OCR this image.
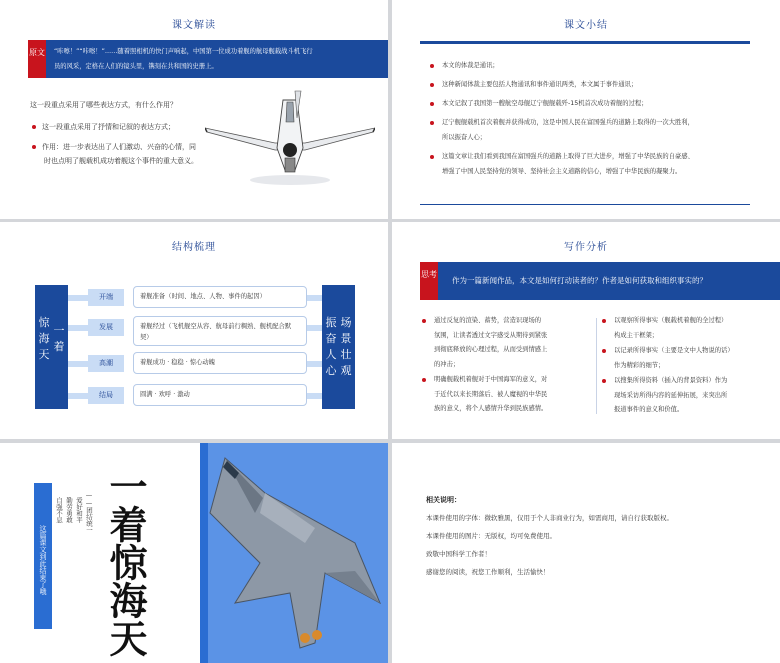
课文解读
原文 “咔嚓！”“咔嚓！”……随着照相机的快门声响起，中国第一位成功着舰的航母舰载战斗机飞行
员的风采，定格在人们的镜头里，镌刻在共和国的史册上。
这一段重点采用了哪些表达方式，有什么作用？
这一段重点采用了抒情和记叙的表达方式；
作用：进一步表达出了人们激动、兴奋的心情，同
时也点明了舰载机成功着舰这个事件的重大意义。
课文小结
本文的体裁是通讯；
这种新闻体裁主要包括人物通讯和事件通讯两类，本文属于事件通讯；
本文记叙了我国第一艘航空母舰辽宁舰舰载歼-15机首次成功着舰的过程；
辽宁舰舰载机首次着舰并获得成功，这是中国人民在富国强兵的道路上取得的一次大胜利，
所以振奋人心；
这篇文章让我们看到我国在富国强兵的道路上取得了巨大进步，增强了中华民族的自豪感、
增强了中国人民坚持党的领导、坚持社会主义道路的信心，增强了中华民族的凝聚力。
结构梳理
惊海天
一着
振奋人心
场景壮观
开端	着舰准备（时间、地点、人物、事件的起因）
发展	着舰经过（飞机舰空从容、航母前行稠熟、舰机配合默契）
高潮	着舰成功 · 稳稳 · 惊心动魄
结局	圆满 · 欢呼 · 激动
写作分析
思考
作为一篇新闻作品，本文是如何打动读者的？作者是如何获取和组织事实的？
通过反复的渲染、蓄势，营造识现场的
氛围，让读者透过文字感受从期待到紧张
到彻底释放的心理过程，从而受到情感上
的冲击；
明确舰载机着舰对于中国海军的意义，对
于近代以来长期落后、被人魔视的中华民
族的意义，将个人感情升华到民族感情。
以观察所得事实（舰载机着舰的全过程）
构成主干框架；
以记录所得事实（主要是文中人物说的话）
作为精彩的细节；
以搜集所得资料（插入的背景资料）作为
现场采访所得内容的延伸拓展，来突出所
报道事件的意义和价值。
这篇课文到此结束了哦
——团结统一
爱好和平
勤劳勇敢
自强不息 一着惊海天	相关说明：
本课件使用的字体：微软雅黑，仅用于个人非商业行为，如需商用，请自行获取版权。
本课件使用的图片：无版权，均可免费使用。
致敬中国科学工作者！
感谢您的阅读，祝您工作顺利，生活愉快！
